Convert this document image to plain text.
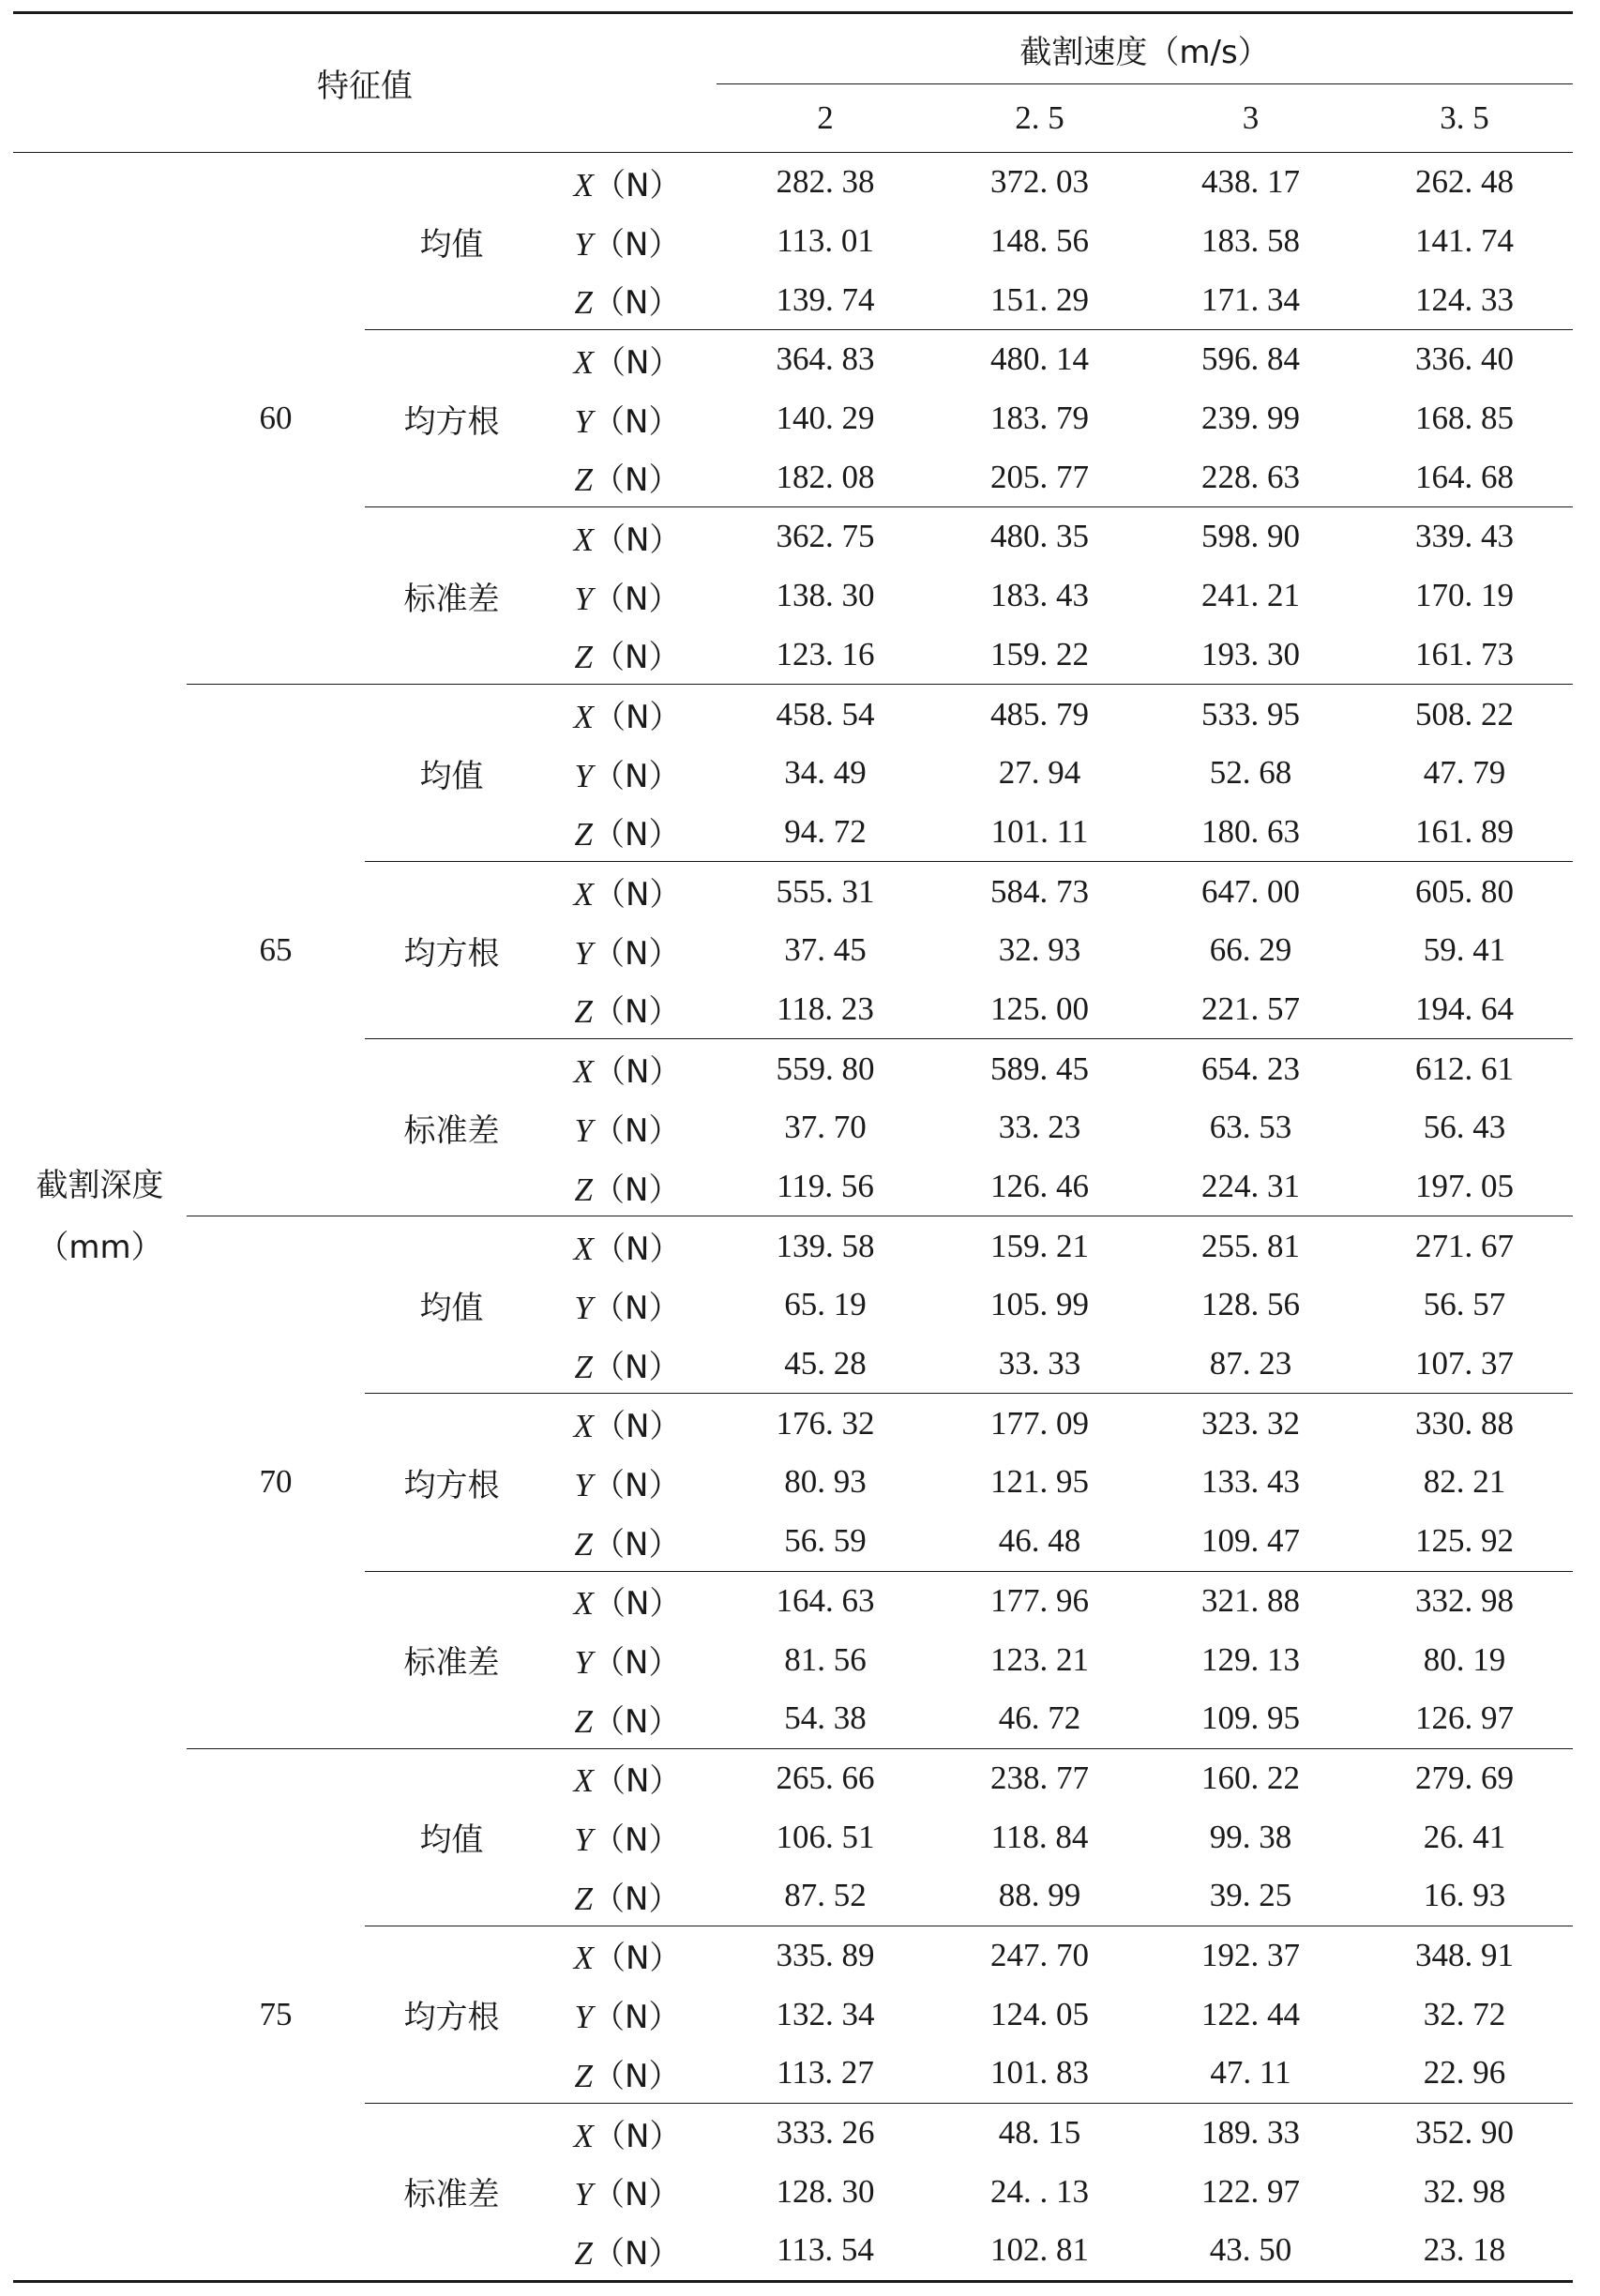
特征值				截割速度（m/s）			

				2	2. 5	3	3. 5

截割深度
（mm）	60	均值	X（N）	282. 38	372. 03	438. 17	262. 48
			Y（N）	113. 01	148. 56	183. 58	141. 74
			Z（N）	139. 74	151. 29	171. 34	124. 33
		均方根	X（N）	364. 83	480. 14	596. 84	336. 40
			Y（N）	140. 29	183. 79	239. 99	168. 85
			Z（N）	182. 08	205. 77	228. 63	164. 68
		标准差	X（N）	362. 75	480. 35	598. 90	339. 43
			Y（N）	138. 30	183. 43	241. 21	170. 19
			Z（N）	123. 16	159. 22	193. 30	161. 73
	65	均值	X（N）	458. 54	485. 79	533. 95	508. 22
			Y（N）	34. 49	27. 94	52. 68	47. 79
			Z（N）	94. 72	101. 11	180. 63	161. 89
		均方根	X（N）	555. 31	584. 73	647. 00	605. 80
			Y（N）	37. 45	32. 93	66. 29	59. 41
			Z（N）	118. 23	125. 00	221. 57	194. 64
		标准差	X（N）	559. 80	589. 45	654. 23	612. 61
			Y（N）	37. 70	33. 23	63. 53	56. 43
			Z（N）	119. 56	126. 46	224. 31	197. 05
	70	均值	X（N）	139. 58	159. 21	255. 81	271. 67
			Y（N）	65. 19	105. 99	128. 56	56. 57
			Z（N）	45. 28	33. 33	87. 23	107. 37
		均方根	X（N）	176. 32	177. 09	323. 32	330. 88
			Y（N）	80. 93	121. 95	133. 43	82. 21
			Z（N）	56. 59	46. 48	109. 47	125. 92
		标准差	X（N）	164. 63	177. 96	321. 88	332. 98
			Y（N）	81. 56	123. 21	129. 13	80. 19
			Z（N）	54. 38	46. 72	109. 95	126. 97
	75	均值	X（N）	265. 66	238. 77	160. 22	279. 69
			Y（N）	106. 51	118. 84	99. 38	26. 41
			Z（N）	87. 52	88. 99	39. 25	16. 93
		均方根	X（N）	335. 89	247. 70	192. 37	348. 91
			Y（N）	132. 34	124. 05	122. 44	32. 72
			Z（N）	113. 27	101. 83	47. 11	22. 96
		标准差	X（N）	333. 26	48. 15	189. 33	352. 90
			Y（N）	128. 30	24. . 13	122. 97	32. 98
			Z（N）	113. 54	102. 81	43. 50	23. 18
